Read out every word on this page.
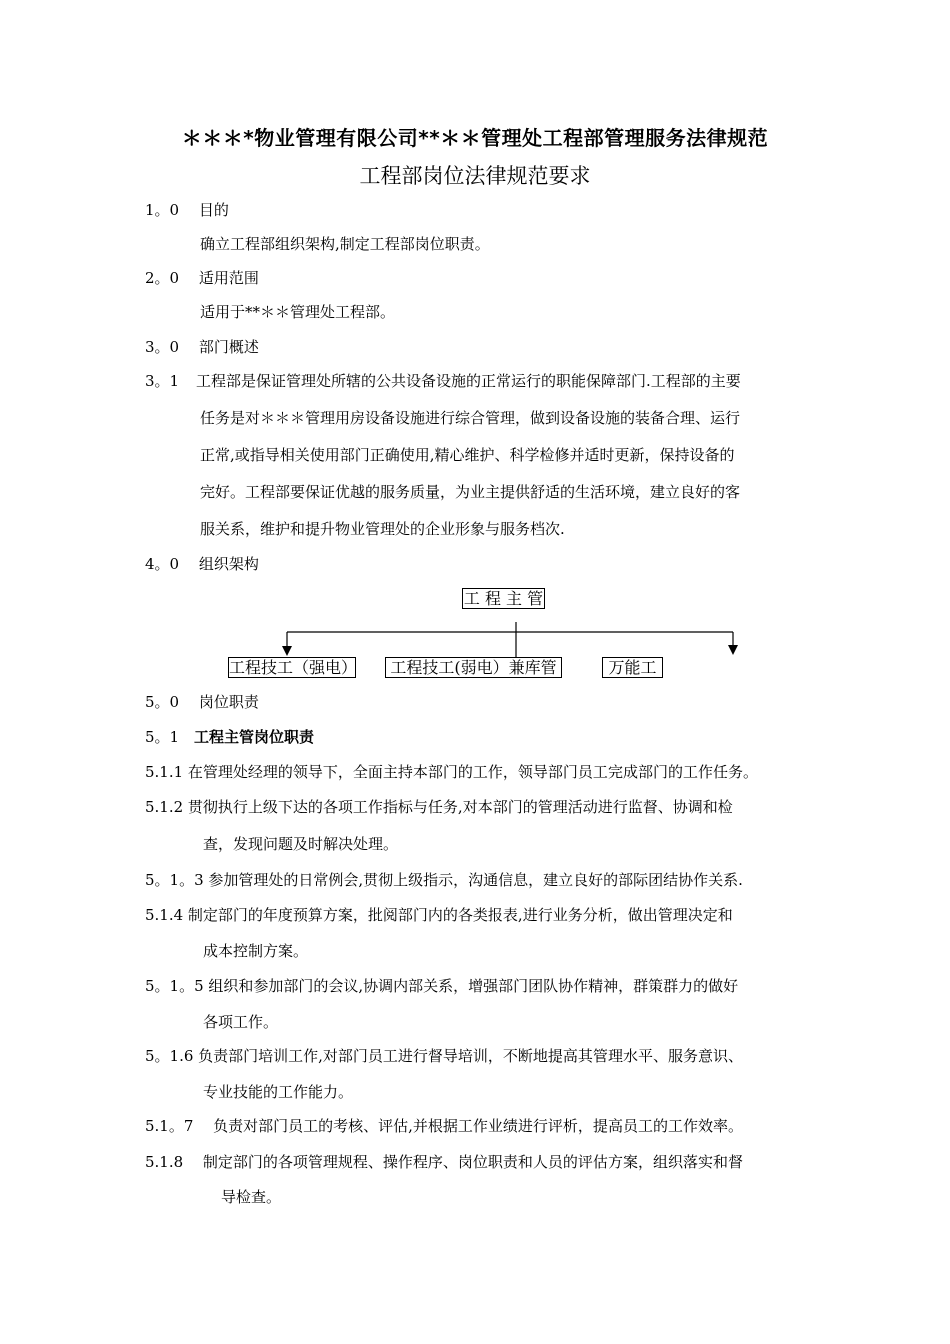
＊＊＊*物业管理有限公司**＊＊管理处工程部管理服务法律规范
工程部岗位法律规范要求
1。0　 目的
确立工程部组织架构,制定工程部岗位职责。
2。0　 适用范围
适用于**＊＊管理处工程部。
3。0　 部门概述
3。1 工程部是保证管理处所辖的公共设备设施的正常运行的职能保障部门.工程部的主要
任务是对＊＊＊管理用房设备设施进行综合管理，做到设备设施的装备合理、运行
正常,或指导相关使用部门正确使用,精心维护、科学检修并适时更新，保持设备的
完好。工程部要保证优越的服务质量，为业主提供舒适的生活环境，建立良好的客
服关系，维护和提升物业管理处的企业形象与服务档次.
4。0　 组织架构
工 程 主 管
工程技工（强电）	工程技工(弱电）兼库管	万能工
5。0　 岗位职责
5。1 工程主管岗位职责
5.1.1 在管理处经理的领导下，全面主持本部门的工作，领导部门员工完成部门的工作任务。
5.1.2 贯彻执行上级下达的各项工作指标与任务,对本部门的管理活动进行监督、协调和检
查，发现问题及时解决处理。
5。1。3 参加管理处的日常例会,贯彻上级指示，沟通信息，建立良好的部际团结协作关系.
5.1.4 制定部门的年度预算方案，批阅部门内的各类报表,进行业务分析，做出管理决定和
成本控制方案。
5。1。5 组织和参加部门的会议,协调内部关系，增强部门团队协作精神，群策群力的做好
各项工作。
5。1.6 负责部门培训工作,对部门员工进行督导培训，不断地提高其管理水平、服务意识、
专业技能的工作能力。
5.1。7　 负责对部门员工的考核、评估,并根据工作业绩进行评析，提高员工的工作效率。
5.1.8　 制定部门的各项管理规程、操作程序、岗位职责和人员的评估方案，组织落实和督
导检查。
